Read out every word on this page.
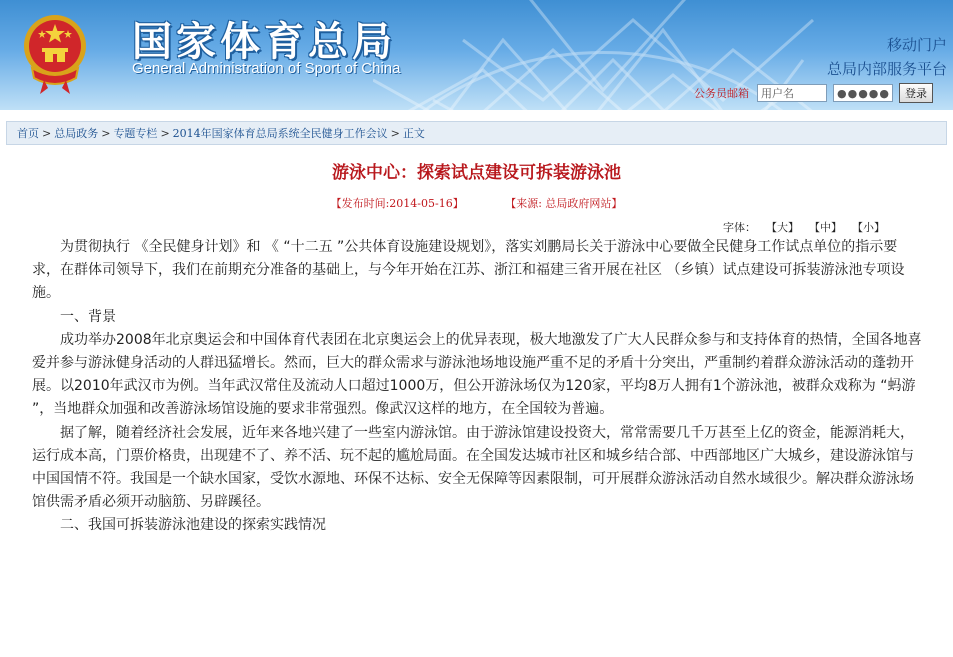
国家体育总局
General Administration of Sport of China
移动门户
总局内部服务平台
公务员邮箱
用户名
●●●●●●	登录
首页 > 总局政务 > 专题专栏 > 2014年国家体育总局系统全民健身工作会议 > 正文
游泳中心：探索试点建设可拆装游泳池
【发布时间:2014-05-16】	【来源: 总局政府网站】
字体： 【大】 【中】 【小】

为贯彻执行 《全民健身计划》和 《 “十二五 ”公共体育设施建设规划》，落实刘鹏局长关于游泳中心要做全民健身工作试点单位的指示要求，在群体司领导下，我们在前期充分准备的基础上，与今年开始在江苏、浙江和福建三省开展在社区 （乡镇）试点建设可拆装游泳池专项设施。

一、背景

成功举办2008年北京奥运会和中国体育代表团在北京奥运会上的优异表现，极大地激发了广大人民群众参与和支持体育的热情，全国各地喜爱并参与游泳健身活动的人群迅猛增长。然而，巨大的群众需求与游泳池场地设施严重不足的矛盾十分突出，严重制约着群众游泳活动的蓬勃开展。以2010年武汉市为例。当年武汉常住及流动人口超过1000万，但公开游泳场仅为120家，平均8万人拥有1个游泳池，被群众戏称为 “蚂游 ”，当地群众加强和改善游泳场馆设施的要求非常强烈。像武汉这样的地方，在全国较为普遍。

据了解，随着经济社会发展，近年来各地兴建了一些室内游泳馆。由于游泳馆建设投资大，常常需要几千万甚至上亿的资金，能源消耗大，运行成本高，门票价格贵，出现建不了、养不活、玩不起的尴尬局面。在全国发达城市社区和城乡结合部、中西部地区广大城乡，建设游泳馆与中国国情不符。我国是一个缺水国家，受饮水源地、环保不达标、安全无保障等因素限制，可开展群众游泳活动自然水域很少。解决群众游泳场馆供需矛盾必须开动脑筋、另辟蹊径。

二、我国可拆装游泳池建设的探索实践情况
